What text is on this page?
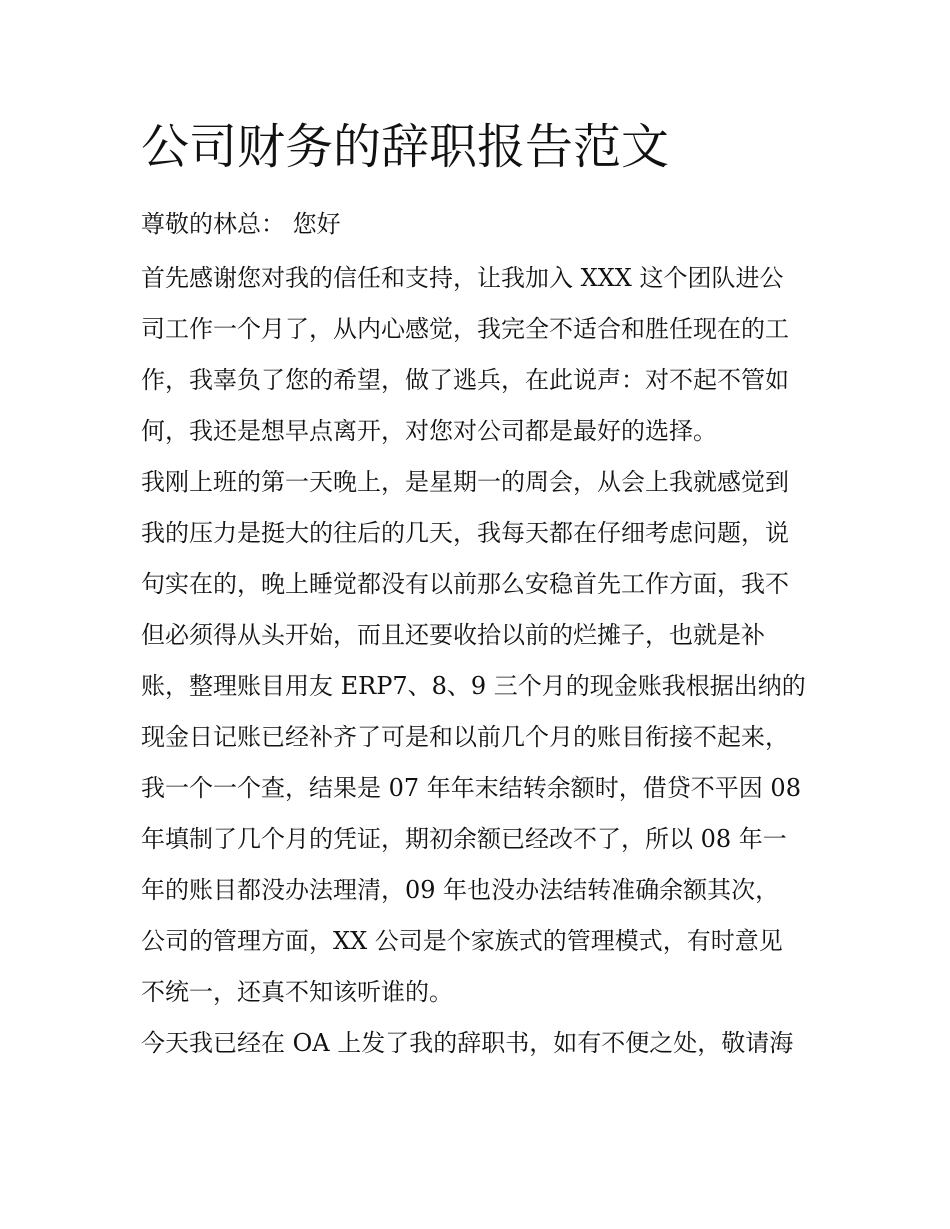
公司财务的辞职报告范文

尊敬的林总： 您好

首先感谢您对我的信任和支持，让我加入 XXX 这个团队进公

司工作一个月了，从内心感觉，我完全不适合和胜任现在的工

作，我辜负了您的希望，做了逃兵，在此说声：对不起不管如

何，我还是想早点离开，对您对公司都是最好的选择。

我刚上班的第一天晚上，是星期一的周会，从会上我就感觉到

我的压力是挺大的往后的几天，我每天都在仔细考虑问题，说

句实在的，晚上睡觉都没有以前那么安稳首先工作方面，我不

但必须得从头开始，而且还要收拾以前的烂摊子，也就是补

账，整理账目用友 ERP7、8、9 三个月的现金账我根据出纳的

现金日记账已经补齐了可是和以前几个月的账目衔接不起来，

我一个一个查，结果是 07 年年末结转余额时，借贷不平因 08

年填制了几个月的凭证，期初余额已经改不了，所以 08 年一

年的账目都没办法理清，09 年也没办法结转准确余额其次，

公司的管理方面，XX 公司是个家族式的管理模式，有时意见

不统一，还真不知该听谁的。

今天我已经在 OA 上发了我的辞职书，如有不便之处，敬请海
